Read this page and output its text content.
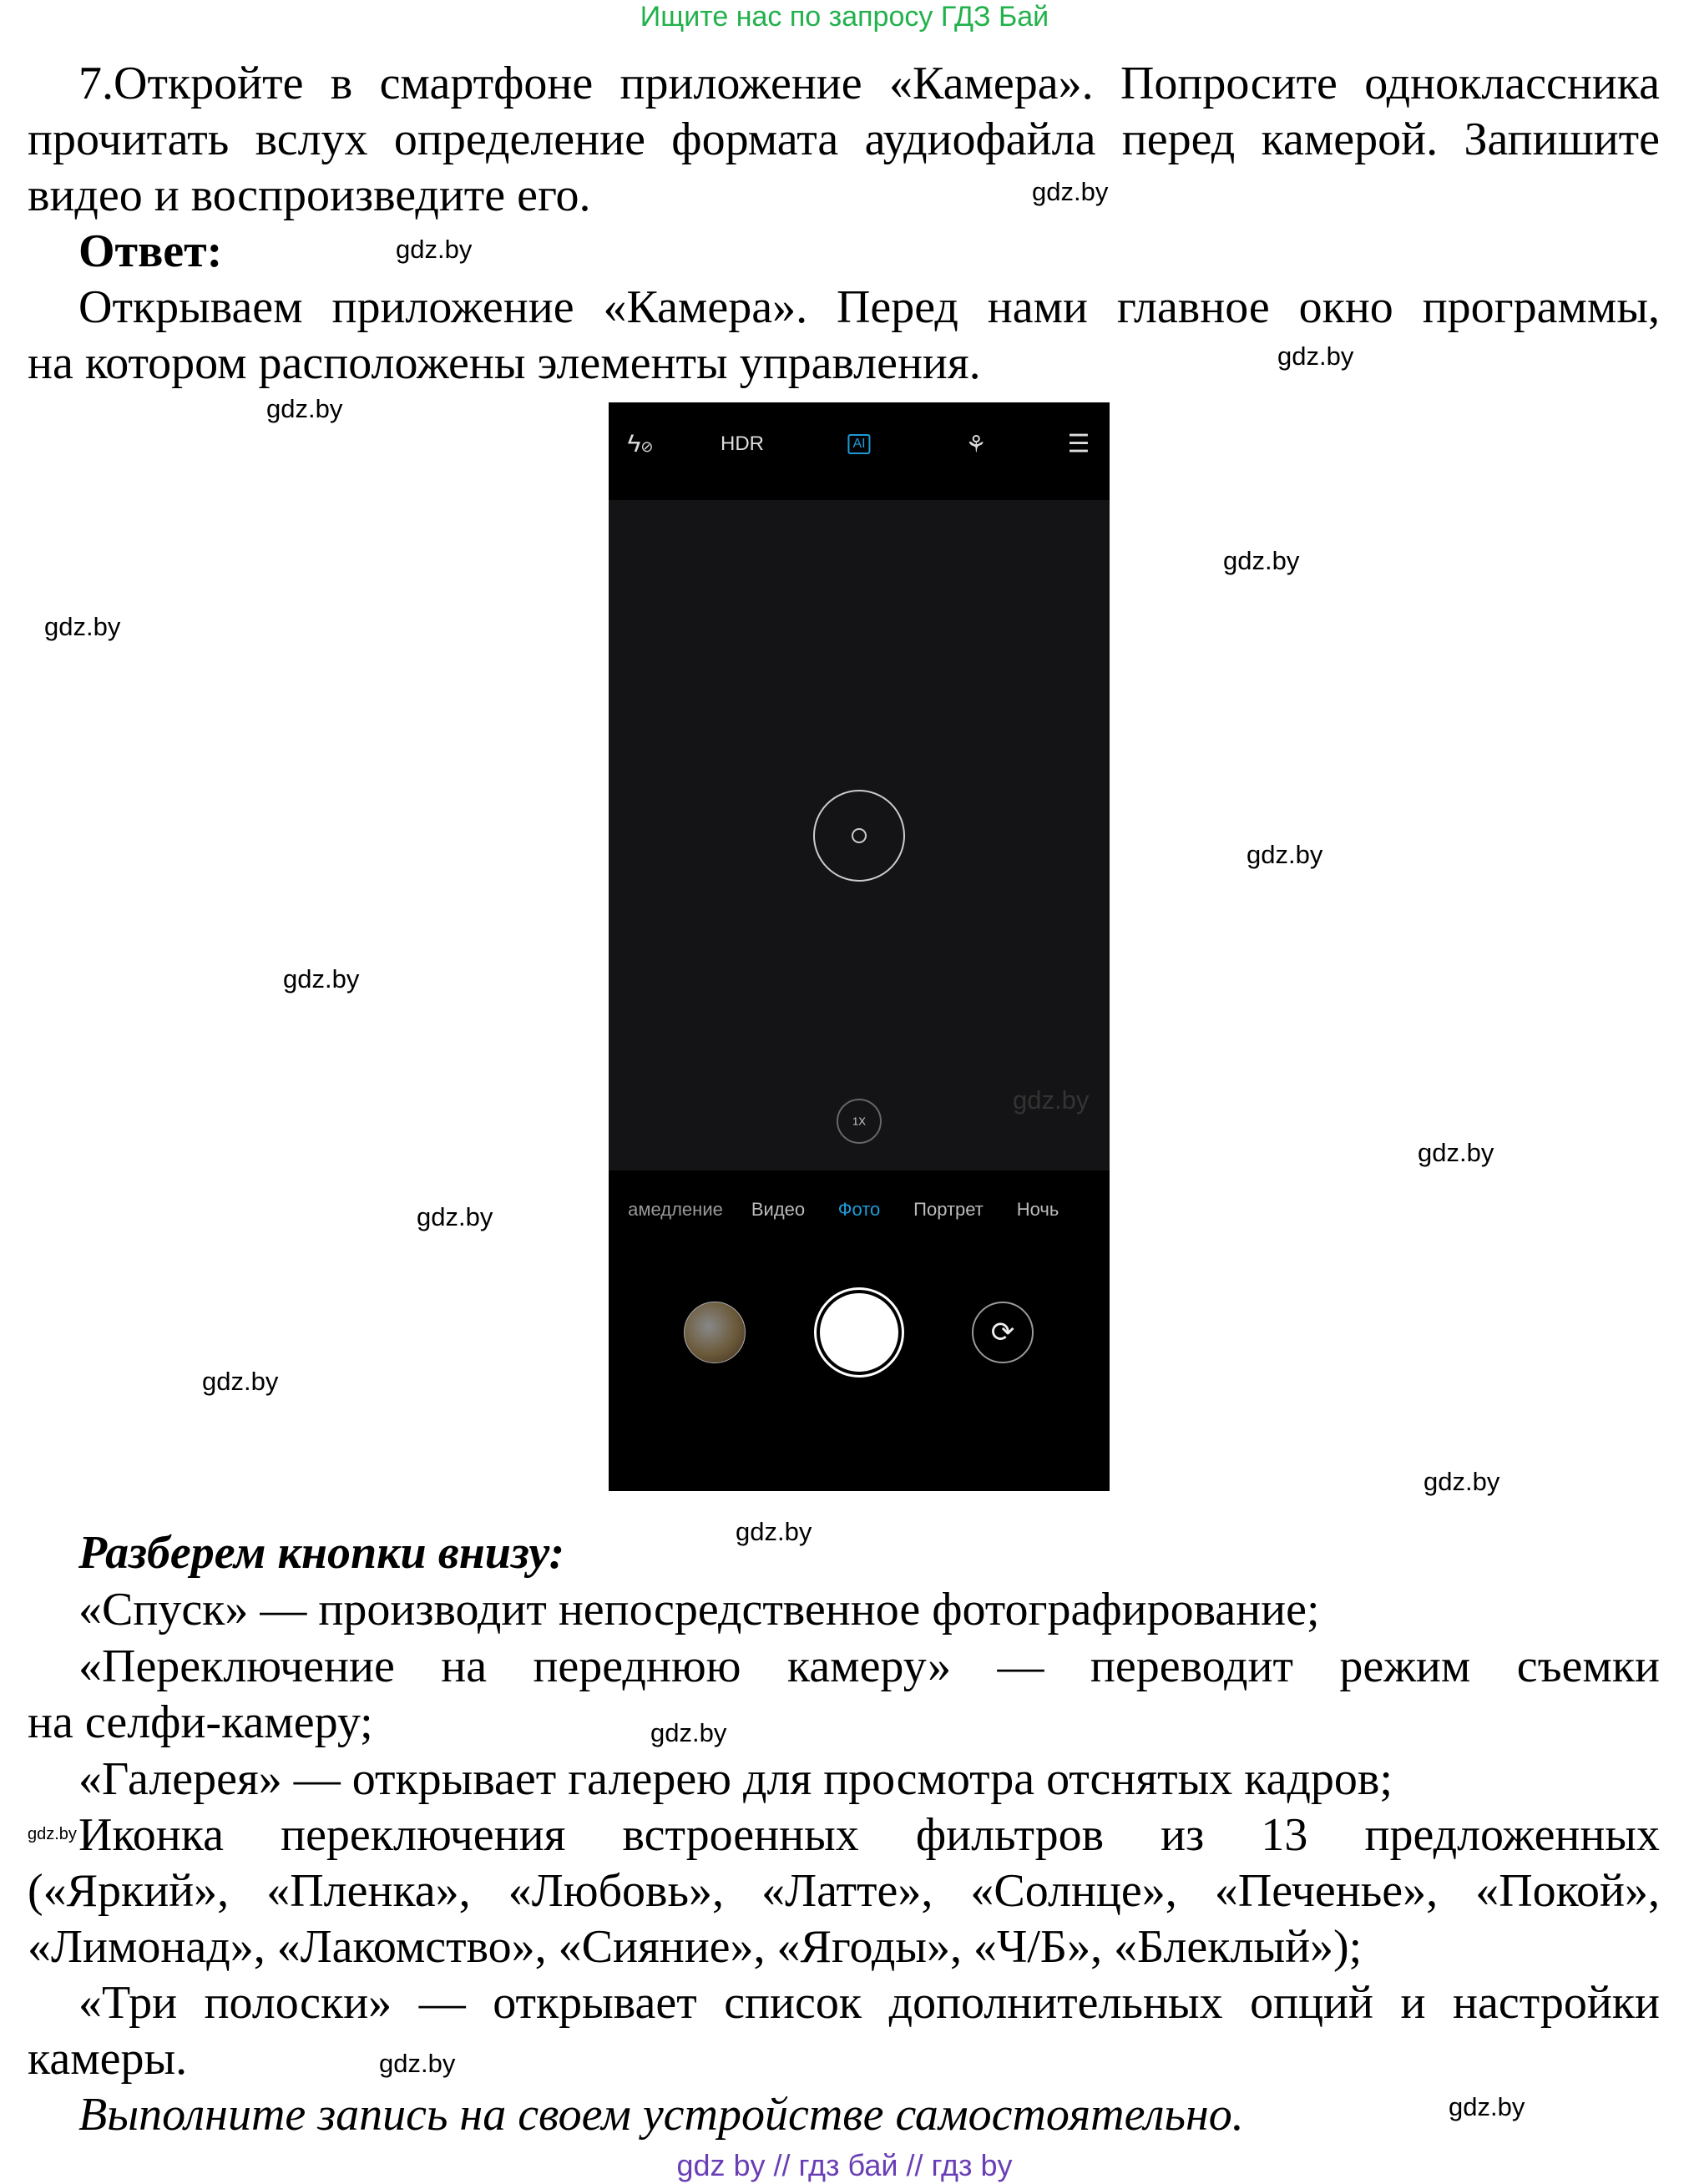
Ищите нас по запросу ГДЗ Бай
7.Откройте в смартфоне приложение «Камера». Попросите одноклассника
прочитать вслух определение формата аудиофайла перед камерой. Запишите
видео и воспроизведите его.
Ответ:
Открываем приложение «Камера». Перед нами главное окно программы,
на котором расположены элементы управления.
ϟ⊘	HDR	AI	⚘	☰
1X
амедление Видео Фото Портрет Ночь
⟳
Разберем кнопки внизу:
«Спуск» — производит непосредственное фотографирование;
«Переключение на переднюю камеру» — переводит режим съемки
на селфи-камеру;
«Галерея» — открывает галерею для просмотра отснятых кадров;
Иконка переключения встроенных фильтров из 13 предложенных
(«Яркий», «Пленка», «Любовь», «Латте», «Солнце», «Печенье», «Покой»,
«Лимонад», «Лакомство», «Сияние», «Ягоды», «Ч/Б», «Блеклый»);
«Три полоски» — открывает список дополнительных опций и настройки
камеры.
Выполните запись на своем устройстве самостоятельно.
gdz.by
gdz.by
gdz.by
gdz.by
gdz.by
gdz.by
gdz.by
gdz.by
gdz.by
gdz.by
gdz.by
gdz.by
gdz.by
gdz.by
gdz.by
gdz.by
gdz.by
gdz.by
gdz by // гдз бай // гдз by
